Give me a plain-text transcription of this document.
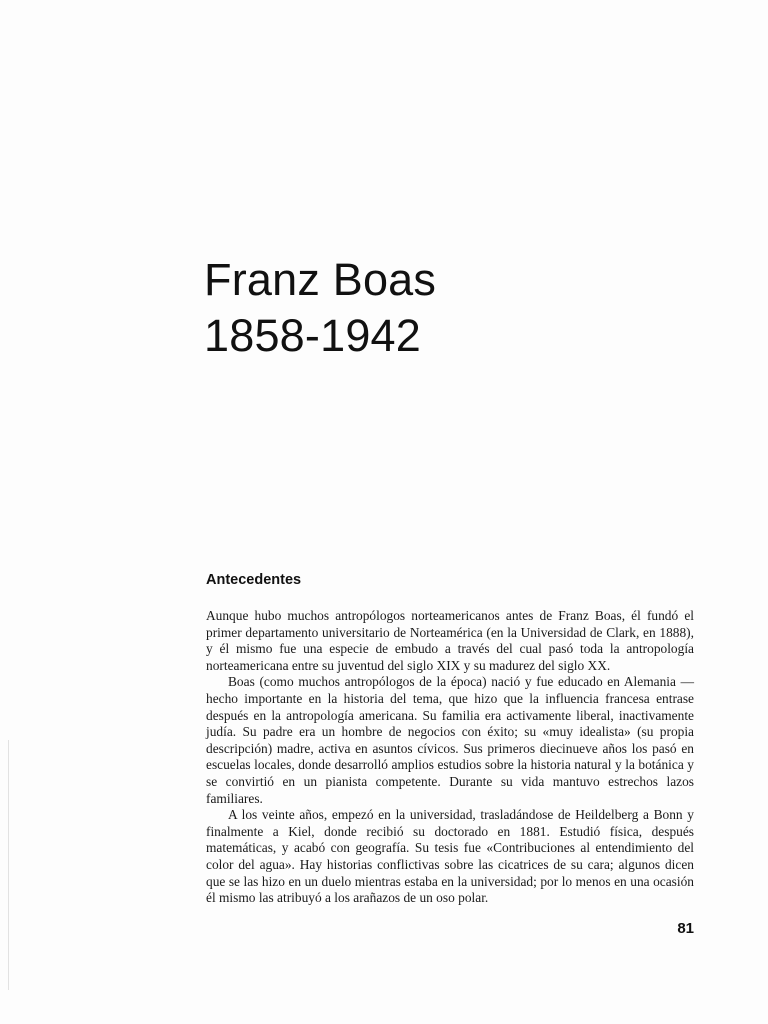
Franz Boas
1858-1942
Antecedentes

Aunque hubo muchos antropólogos norteamericanos antes de Franz Boas, él fundó el primer departamento universitario de Norteamérica (en la Universidad de Clark, en 1888), y él mismo fue una especie de embudo a través del cual pasó toda la antropología norteamericana entre su juventud del siglo XIX y su madurez del siglo XX.

Boas (como muchos antropólogos de la época) nació y fue educado en Alemania —hecho importante en la historia del tema, que hizo que la influencia francesa entrase después en la antropología americana. Su familia era activamente liberal, inactivamente judía. Su padre era un hombre de negocios con éxito; su «muy idealista» (su propia descripción) madre, activa en asuntos cívicos. Sus primeros diecinueve años los pasó en escuelas locales, donde desarrolló amplios estudios sobre la historia natural y la botánica y se convirtió en un pianista competente. Durante su vida mantuvo estrechos lazos familiares.

A los veinte años, empezó en la universidad, trasladándose de Heildelberg a Bonn y finalmente a Kiel, donde recibió su doctorado en 1881. Estudió física, después matemáticas, y acabó con geografía. Su tesis fue «Contribuciones al entendimiento del color del agua». Hay historias conflictivas sobre las cicatrices de su cara; algunos dicen que se las hizo en un duelo mientras estaba en la universidad; por lo menos en una ocasión él mismo las atribuyó a los arañazos de un oso polar.

81
